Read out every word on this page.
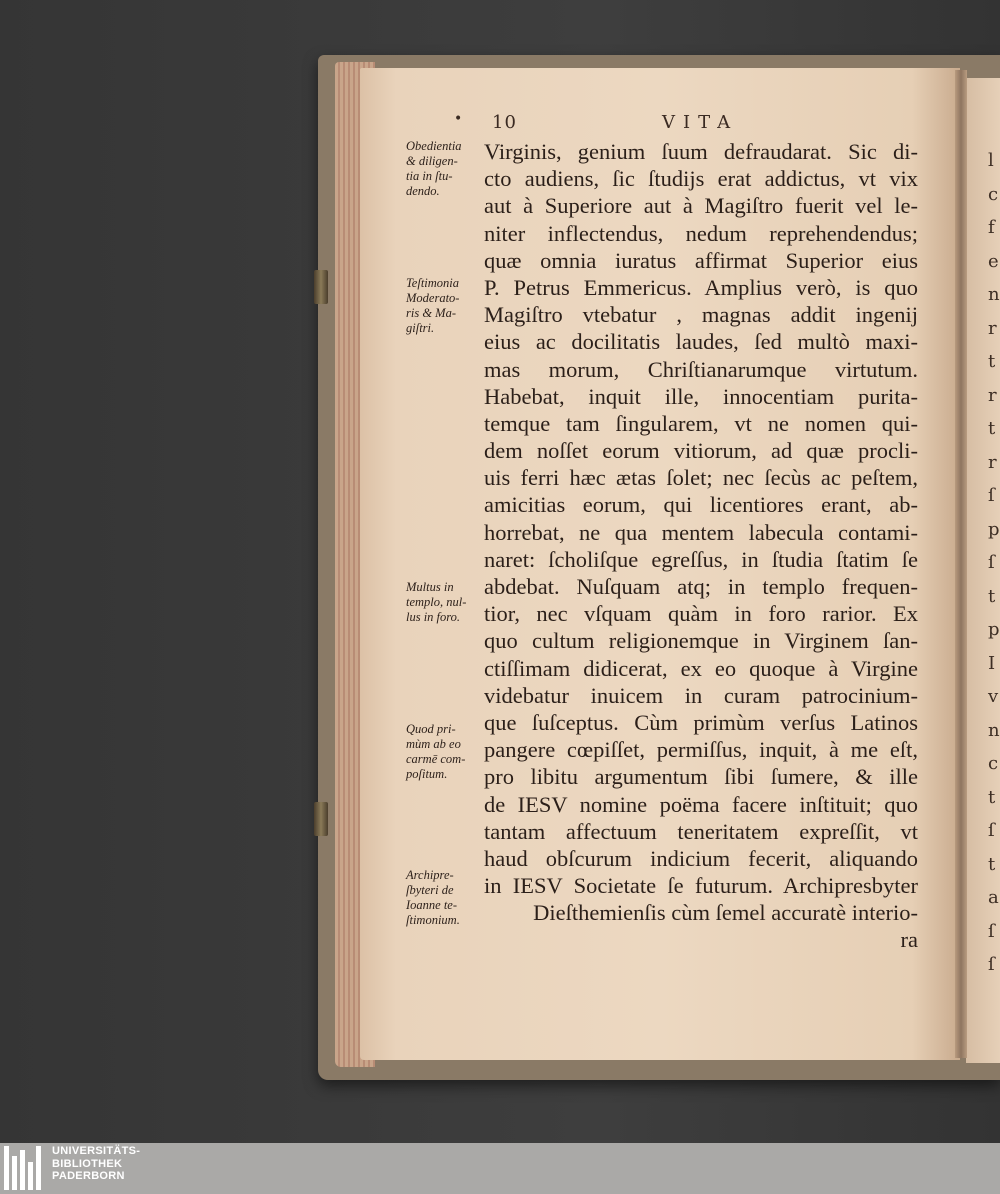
l
c
f
e
n
r
t
r
t
r
ſ
p
ſ
t
p
I
v
n
c
t
ſ
t
a
ſ
ſ
• 10	VITA
Virginis, genium ſuum defraudarat. Sic di-
cto audiens, ſic ſtudijs erat addictus, vt vix
aut à Superiore aut à Magiſtro fuerit vel le-
niter inflectendus, nedum reprehendendus;
quæ omnia iuratus affirmat Superior eius
P. Petrus Emmericus. Amplius verò, is quo
Magiſtro vtebatur , magnas addit ingenij
eius ac docilitatis laudes, ſed multò maxi-
mas morum, Chriſtianarumque virtutum.
Habebat, inquit ille, innocentiam purita-
temque tam ſingularem, vt ne nomen qui-
dem noſſet eorum vitiorum, ad quæ procli-
uis ferri hæc ætas ſolet; nec ſecùs ac peſtem,
amicitias eorum, qui licentiores erant, ab-
horrebat, ne qua mentem labecula contami-
naret: ſcholiſque egreſſus, in ſtudia ſtatim ſe
abdebat. Nuſquam atq; in templo frequen-
tior, nec vſquam quàm in foro rarior. Ex
quo cultum religionemque in Virginem ſan-
ctiſſimam didicerat, ex eo quoque à Virgine
videbatur inuicem in curam patrocinium-
que ſuſceptus. Cùm primùm verſus Latinos
pangere cœpiſſet, permiſſus, inquit, à me eſt,
pro libitu argumentum ſibi ſumere, & ille
de IESV nomine poëma facere inſtituit; quo
tantam affectuum teneritatem expreſſit, vt
haud obſcurum indicium fecerit, aliquando
in IESV Societate ſe futurum. Archipresbyter
Dieſthemienſis cùm ſemel accuratè interio-
ra
Obedientia
& diligen-
tia in ſtu-
dendo.
Teſtimonia
Moderato-
ris & Ma-
giſtri.
Multus in
templo, nul-
lus in foro.
Quod pri-
mùm ab eo
carmē com-
poſitum.
Archipre-
ſbyteri de
Ioanne te-
ſtimonium.
UNIVERSITÄTS-
BIBLIOTHEK
PADERBORN
